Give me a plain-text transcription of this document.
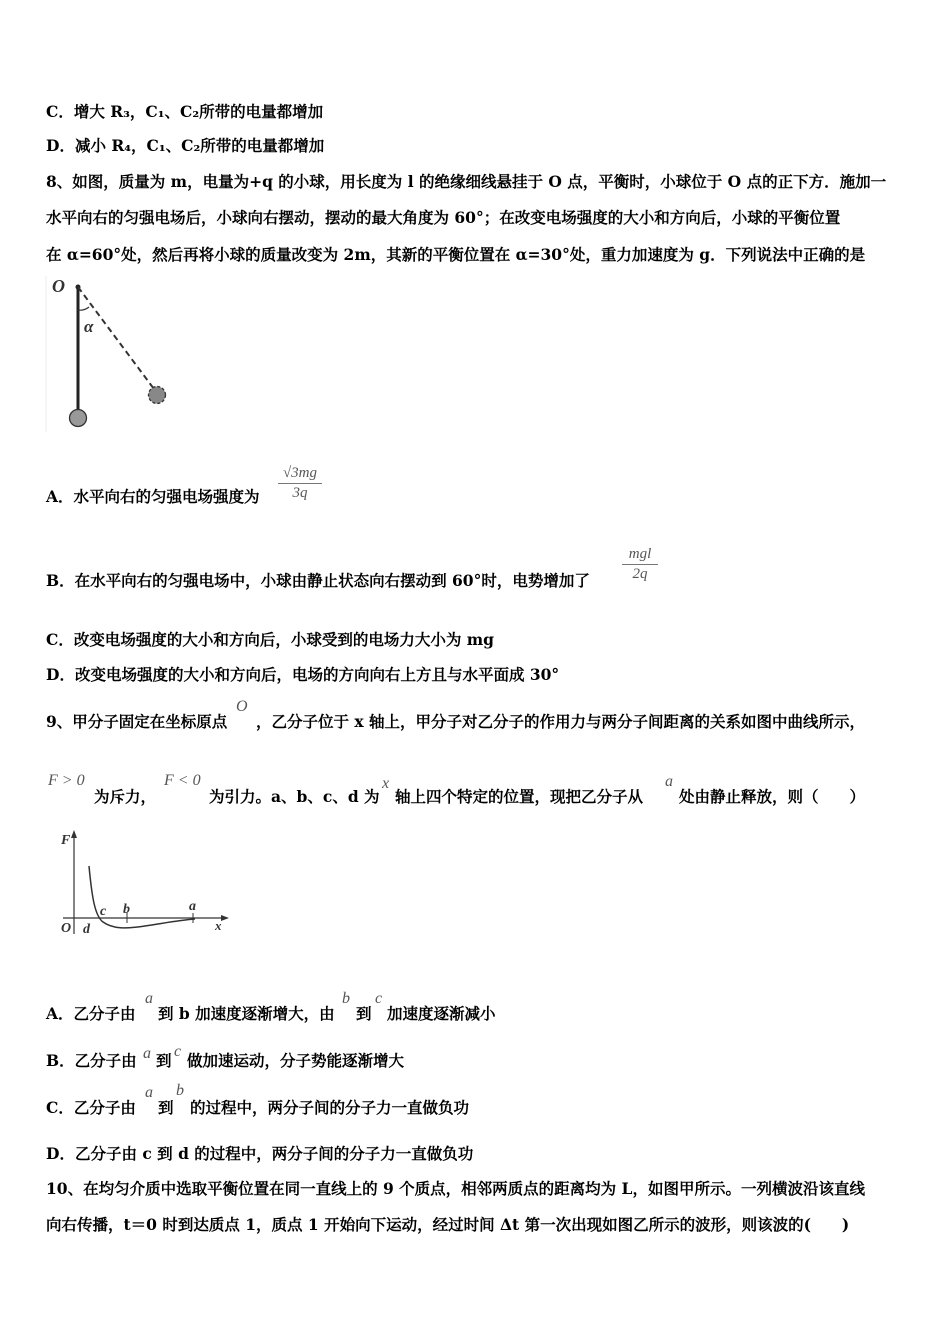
C．增大 R₃，C₁、C₂所带的电量都增加
D．减小 R₄，C₁、C₂所带的电量都增加
8、如图，质量为 m，电量为+q 的小球，用长度为 l 的绝缘细线悬挂于 O 点，平衡时，小球位于 O 点的正下方．施加一
水平向右的匀强电场后，小球向右摆动，摆动的最大角度为 60°；在改变电场强度的大小和方向后，小球的平衡位置
在 α=60°处，然后再将小球的质量改变为 2m，其新的平衡位置在 α=30°处，重力加速度为 g．下列说法中正确的是
O
α
A．水平向右的匀强电场强度为
√3mg
3q
B．在水平向右的匀强电场中，小球由静止状态向右摆动到 60°时，电势增加了
mgl
2q
C．改变电场强度的大小和方向后，小球受到的电场力大小为 mg
D．改变电场强度的大小和方向后，电场的方向向右上方且与水平面成 30°
9、甲分子固定在坐标原点
O
，乙分子位于 x 轴上，甲分子对乙分子的作用力与两分子间距离的关系如图中曲线所示，
F > 0
为斥力，
F < 0
为引力。a、b、c、d 为
x
轴上四个特定的位置，现把乙分子从
a
处由静止释放，则（　　）
F
O	x
d
c b	a
A．乙分子由
a
到 b 加速度逐渐增大，由
b
到
c
加速度逐渐减小
B．乙分子由 a 到 c 做加速运动，分子势能逐渐增大
C．乙分子由
a
到
b
的过程中，两分子间的分子力一直做负功
D．乙分子由 c 到 d 的过程中，两分子间的分子力一直做负功
10、在均匀介质中选取平衡位置在同一直线上的 9 个质点，相邻两质点的距离均为 L，如图甲所示。一列横波沿该直线
向右传播，t＝0 时到达质点 1，质点 1 开始向下运动，经过时间 Δt 第一次出现如图乙所示的波形，则该波的(　　)
